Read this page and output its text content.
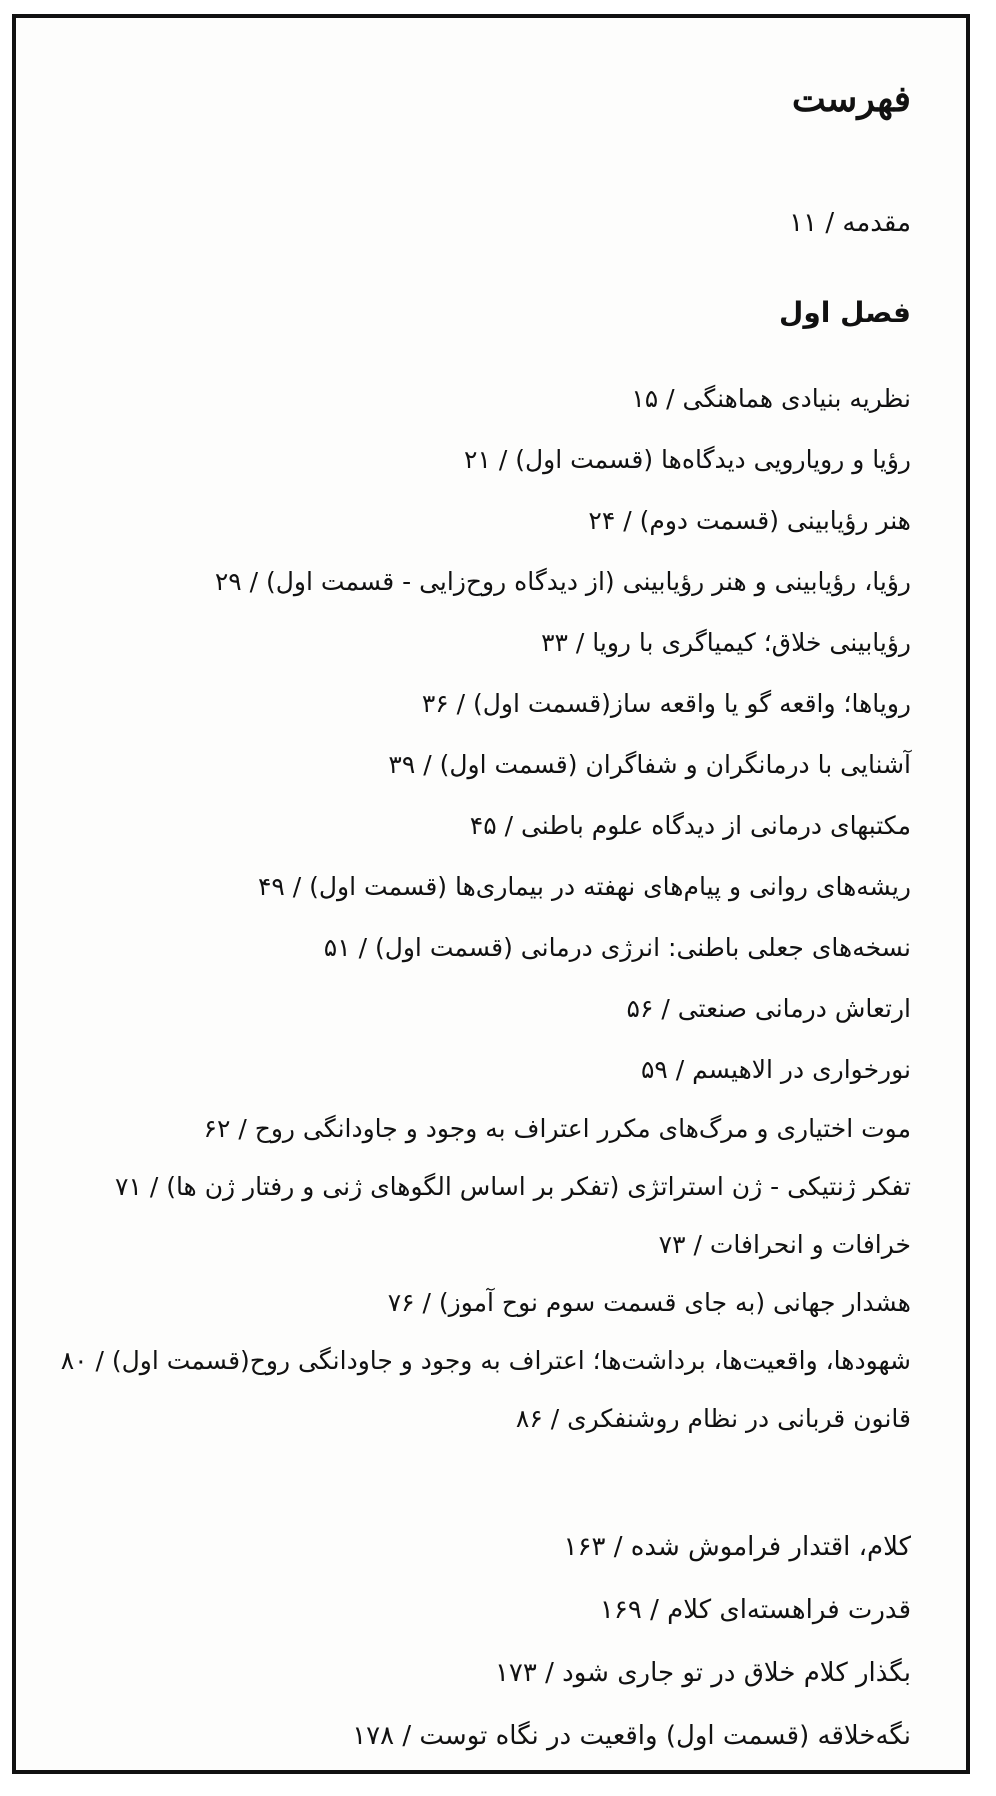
فهرست
مقدمه / ۱۱
فصل اول
نظریه بنیادی هماهنگی / ۱۵
رؤیا و رویارویی دیدگاه‌ها (قسمت اول) / ۲۱
هنر رؤیابینی (قسمت دوم) / ۲۴
رؤیا، رؤیابینی و هنر رؤیابینی (از دیدگاه روح‌زایی - قسمت اول) / ۲۹
رؤیابینی خلاق؛ کیمیاگری با رویا / ۳۳
رویاها؛ واقعه گو یا واقعه ساز(قسمت اول) / ۳۶
آشنایی با درمانگران و شفاگران (قسمت اول) / ۳۹
مکتبهای درمانی از دیدگاه علوم باطنی / ۴۵
ریشه‌های روانی و پیام‌های نهفته در بیماری‌ها (قسمت اول) / ۴۹
نسخه‌های جعلی باطنی: انرژی درمانی (قسمت اول) / ۵۱
ارتعاش درمانی صنعتی / ۵۶
نورخواری در الاهیسم / ۵۹
موت اختیاری و مرگ‌های مکرر اعتراف به وجود و جاودانگی روح / ۶۲
تفکر ژنتیکی - ژن استراتژی (تفکر بر اساس الگوهای ژنی و رفتار ژن ها) / ۷۱
خرافات و انحرافات / ۷۳
هشدار جهانی (به جای قسمت سوم نوح آموز) / ۷۶
شهودها، واقعیت‌ها، برداشت‌ها؛ اعتراف به وجود و جاودانگی روح(قسمت اول) / ۸۰
قانون قربانی در نظام روشنفکری / ۸۶
کلام، اقتدار فراموش شده / ۱۶۳
قدرت فراهسته‌ای کلام / ۱۶۹
بگذار کلام خلاق در تو جاری شود / ۱۷۳
نگه‌خلاقه (قسمت اول) واقعیت در نگاه توست / ۱۷۸
